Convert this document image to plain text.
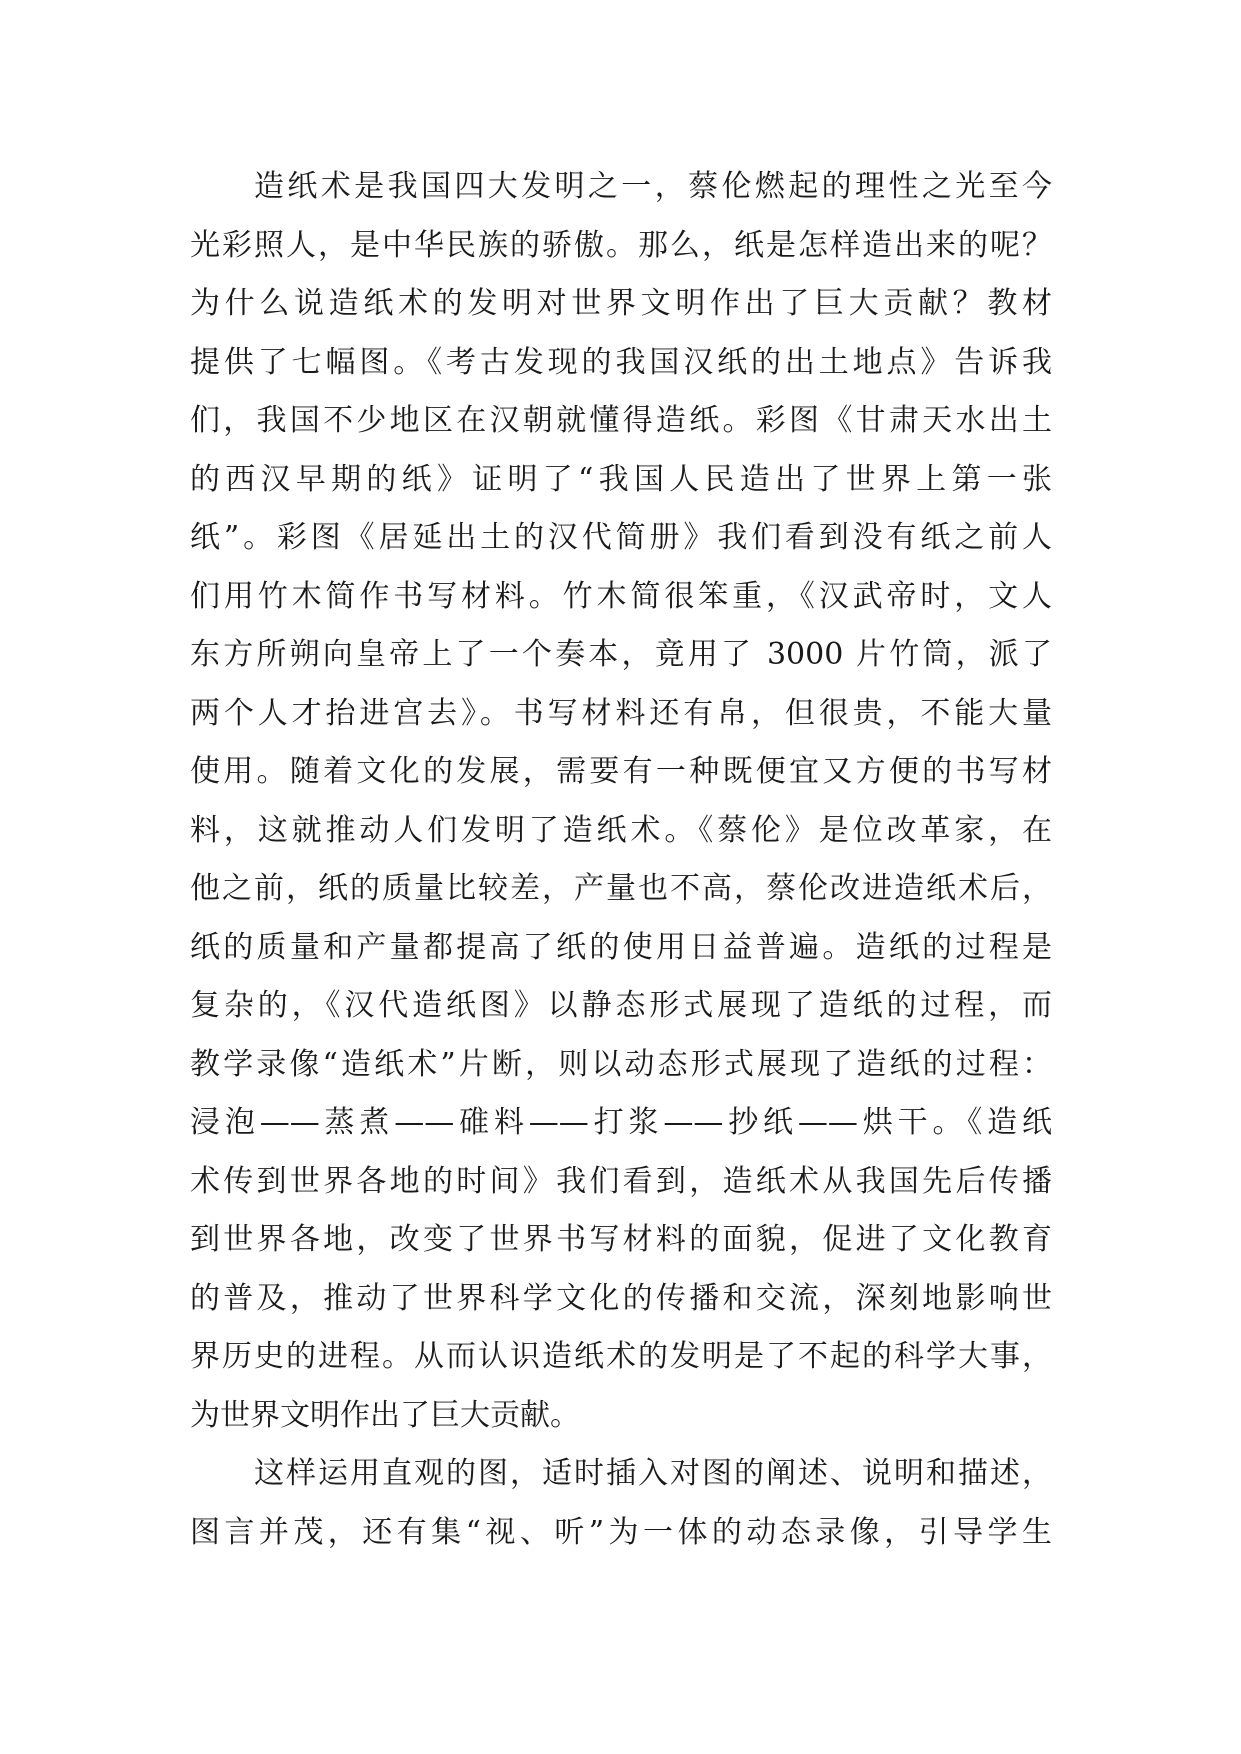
造纸术是我国四大发明之一，蔡伦燃起的理性之光至今
光彩照人，是中华民族的骄傲。那么，纸是怎样造出来的呢？
为什么说造纸术的发明对世界文明作出了巨大贡献？教材
提供了七幅图。《考古发现的我国汉纸的出土地点》告诉我
们，我国不少地区在汉朝就懂得造纸。彩图《甘肃天水出土
的西汉早期的纸》证明了“我国人民造出了世界上第一张
纸”。彩图《居延出土的汉代简册》我们看到没有纸之前人
们用竹木简作书写材料。竹木简很笨重，《汉武帝时，文人
东方所朔向皇帝上了一个奏本，竟用了 3000 片竹筒，派了
两个人才抬进宫去》。书写材料还有帛，但很贵，不能大量
使用。随着文化的发展，需要有一种既便宜又方便的书写材
料，这就推动人们发明了造纸术。《蔡伦》是位改革家，在
他之前，纸的质量比较差，产量也不高，蔡伦改进造纸术后，
纸的质量和产量都提高了纸的使用日益普遍。造纸的过程是
复杂的，《汉代造纸图》以静态形式展现了造纸的过程，而
教学录像“造纸术”片断，则以动态形式展现了造纸的过程：
浸泡——蒸煮——碓料——打浆——抄纸——烘干。《造纸
术传到世界各地的时间》我们看到，造纸术从我国先后传播
到世界各地，改变了世界书写材料的面貌，促进了文化教育
的普及，推动了世界科学文化的传播和交流，深刻地影响世
界历史的进程。从而认识造纸术的发明是了不起的科学大事，
为世界文明作出了巨大贡献。
这样运用直观的图，适时插入对图的阐述、说明和描述，
图言并茂，还有集“视、听”为一体的动态录像，引导学生
